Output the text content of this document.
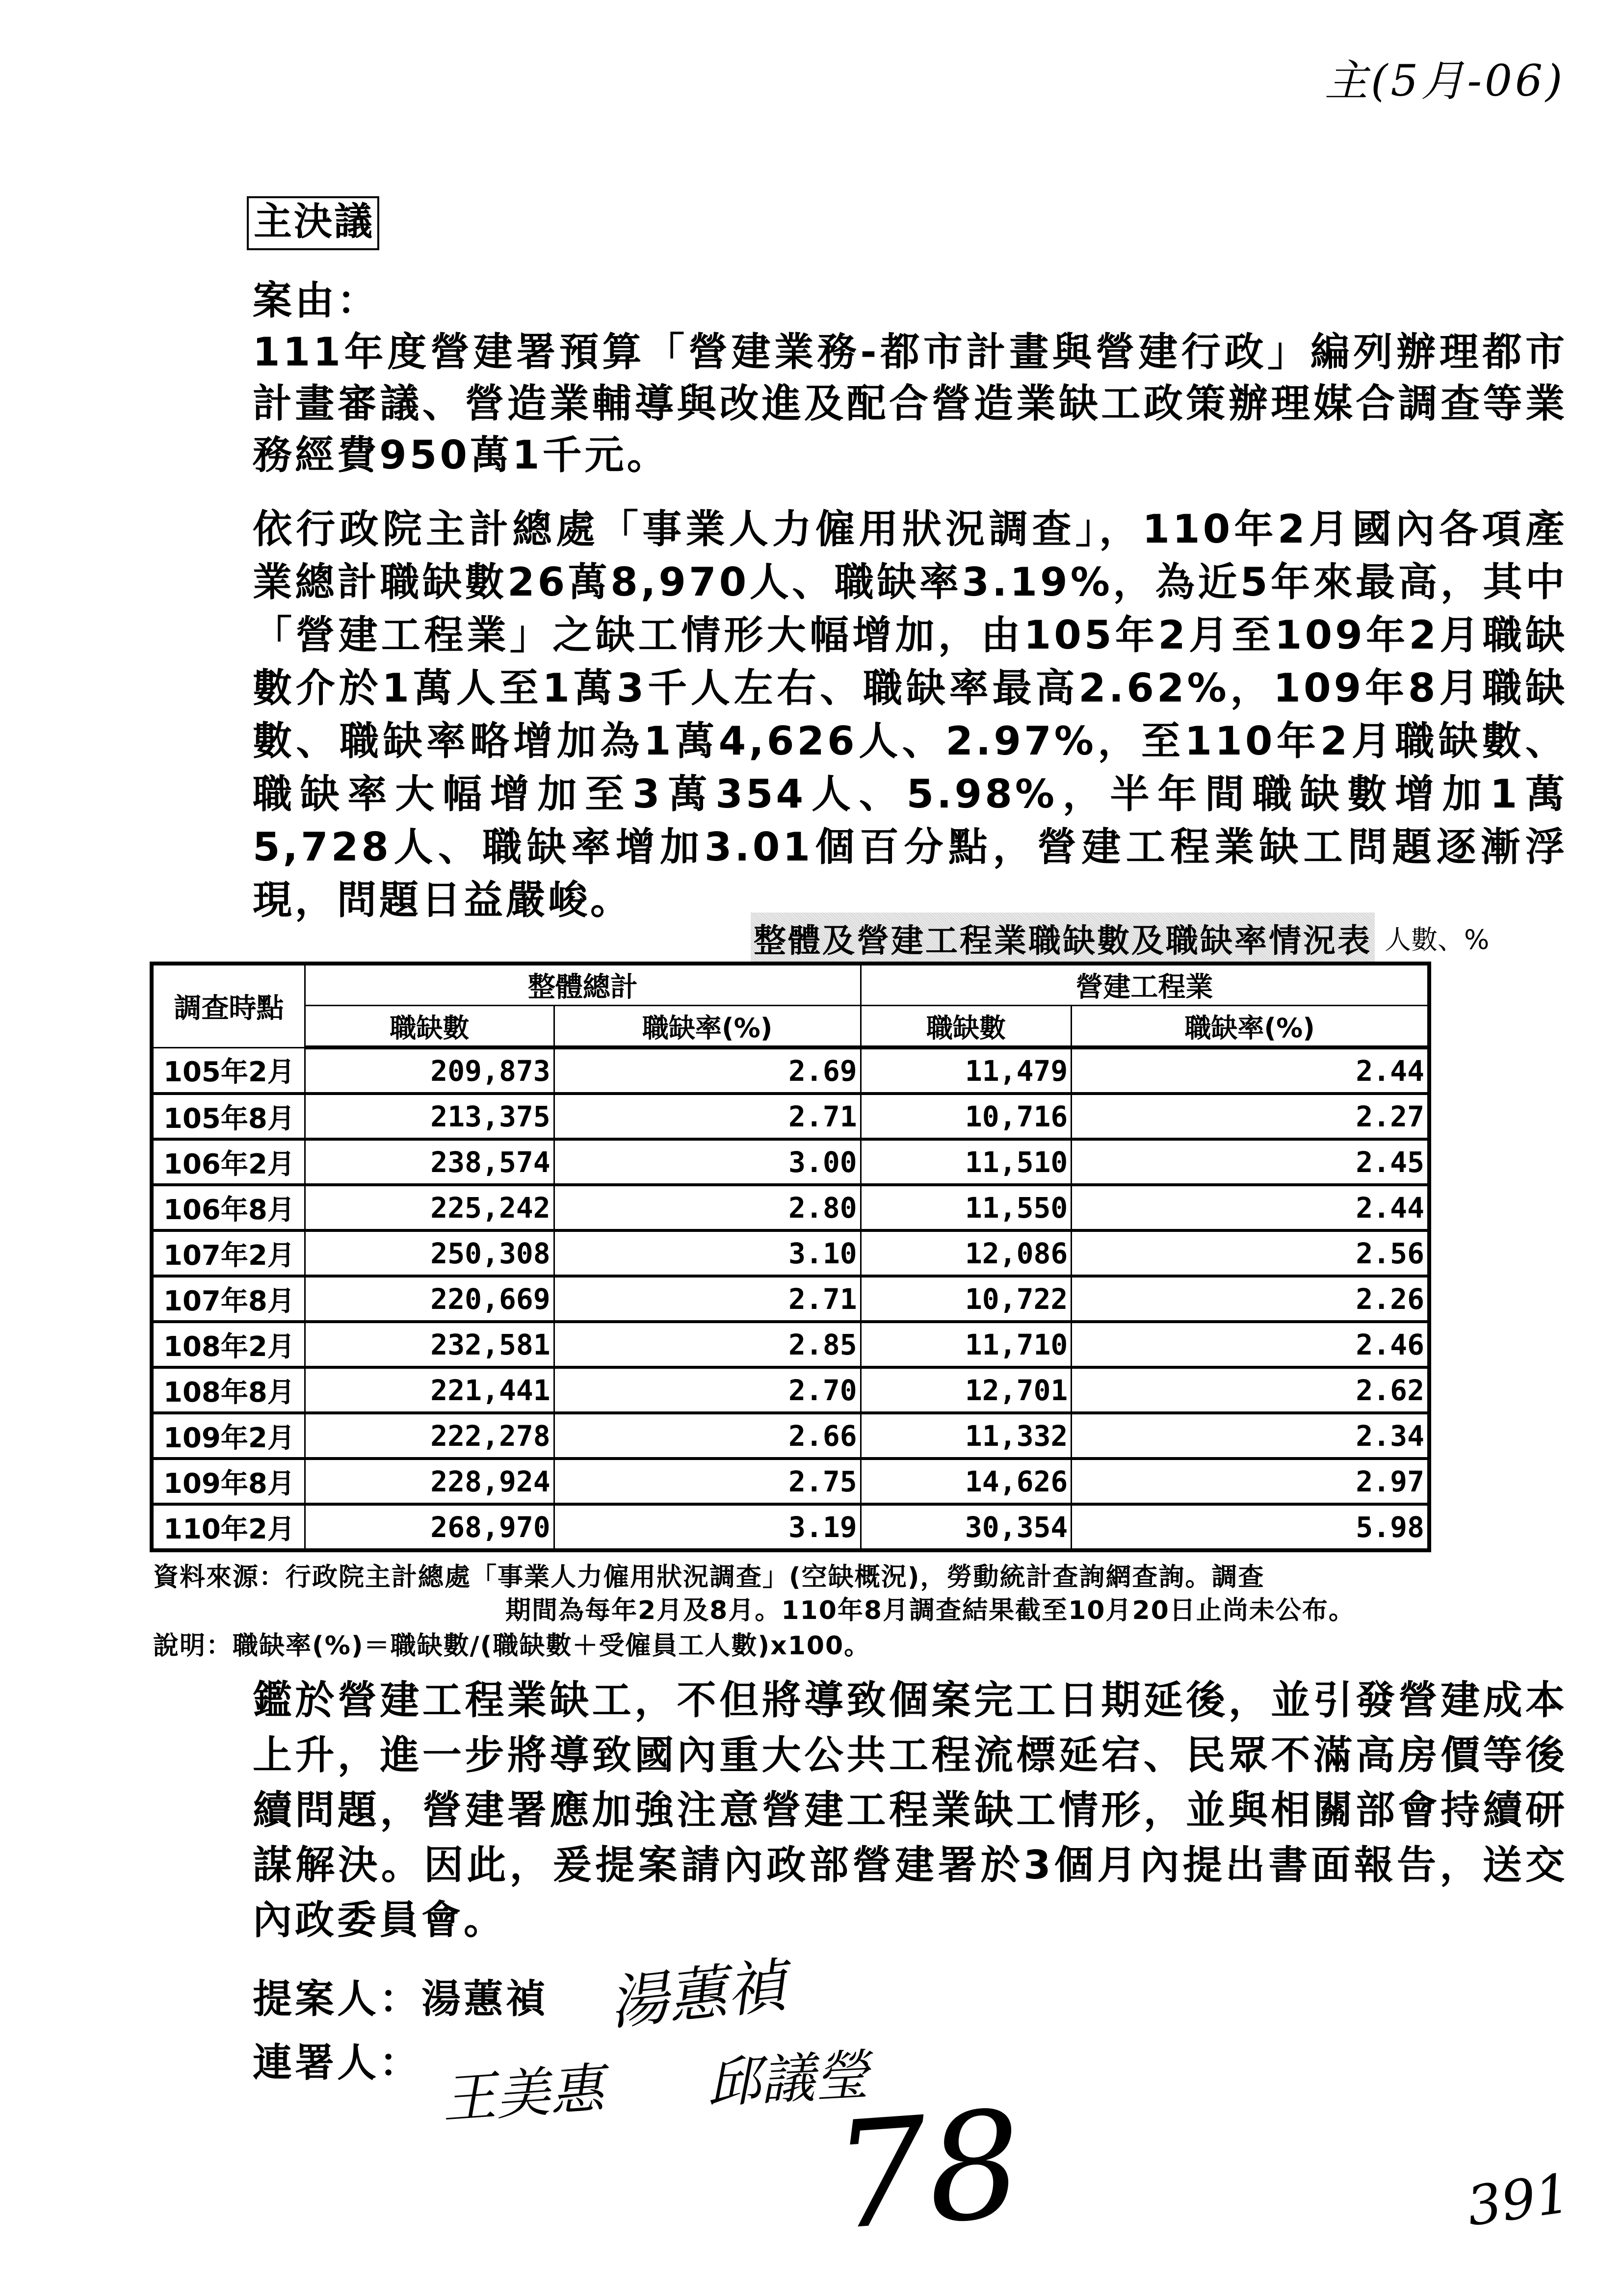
主(5月-06)
主決議
案由：
111年度營建署預算「營建業務-都市計畫與營建行政」編列辦理都市計畫審議、營造業輔導與改進及配合營造業缺工政策辦理媒合調查等業務經費950萬1千元。
依行政院主計總處「事業人力僱用狀況調查」，110年2月國內各項產業總計職缺數26萬8,970人、職缺率3.19%，為近5年來最高，其中「營建工程業」之缺工情形大幅增加，由105年2月至109年2月職缺數介於1萬人至1萬3千人左右、職缺率最高2.62%，109年8月職缺數、職缺率略增加為1萬4,626人、2.97%，至110年2月職缺數、職缺率大幅增加至3萬354人、5.98%，半年間職缺數增加1萬5,728人、職缺率增加3.01個百分點，營建工程業缺工問題逐漸浮現，問題日益嚴峻。
整體及營建工程業職缺數及職缺率情況表 人數、%
調查時點	整體總計		營建工程業	
	職缺數	職缺率(%)	職缺數	職缺率(%)
105年2月	209,873	2.69	11,479	2.44
105年8月	213,375	2.71	10,716	2.27
106年2月	238,574	3.00	11,510	2.45
106年8月	225,242	2.80	11,550	2.44
107年2月	250,308	3.10	12,086	2.56
107年8月	220,669	2.71	10,722	2.26
108年2月	232,581	2.85	11,710	2.46
108年8月	221,441	2.70	12,701	2.62
109年2月	222,278	2.66	11,332	2.34
109年8月	228,924	2.75	14,626	2.97
110年2月	268,970	3.19	30,354	5.98
資料來源：行政院主計總處「事業人力僱用狀況調查」(空缺概況)，勞動統計查詢網查詢。調查
期間為每年2月及8月。110年8月調查結果截至10月20日止尚未公布。
說明：職缺率(%)＝職缺數/(職缺數＋受僱員工人數)x100。
鑑於營建工程業缺工，不但將導致個案完工日期延後，並引發營建成本上升，進一步將導致國內重大公共工程流標延宕、民眾不滿高房價等後續問題，營建署應加強注意營建工程業缺工情形，並與相關部會持續研謀解決。因此，爰提案請內政部營建署於3個月內提出書面報告，送交內政委員會。
提案人：湯蕙禎
連署人：
湯蕙禎
王美惠 邱議瑩
78	391
